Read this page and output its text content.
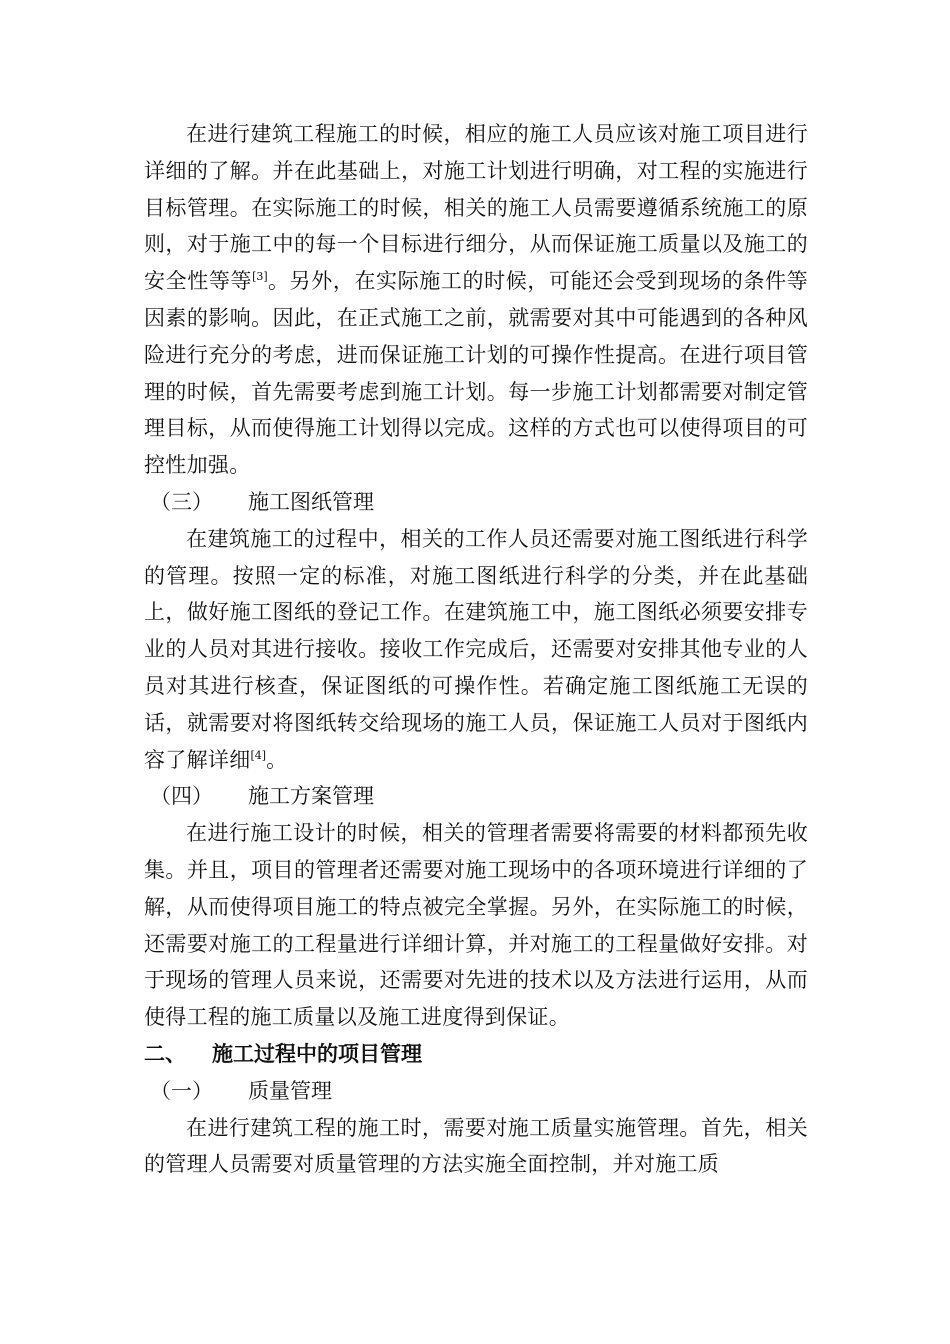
在进行建筑工程施工的时候，相应的施工人员应该对施工项目进行详细的了解。并在此基础上，对施工计划进行明确，对工程的实施进行目标管理。在实际施工的时候，相关的施工人员需要遵循系统施工的原则，对于施工中的每一个目标进行细分，从而保证施工质量以及施工的安全性等等[3]。另外，在实际施工的时候，可能还会受到现场的条件等因素的影响。因此，在正式施工之前，就需要对其中可能遇到的各种风险进行充分的考虑，进而保证施工计划的可操作性提高。在进行项目管理的时候，首先需要考虑到施工计划。每一步施工计划都需要对制定管理目标，从而使得施工计划得以完成。这样的方式也可以使得项目的可控性加强。

（三） 施工图纸管理

在建筑施工的过程中，相关的工作人员还需要对施工图纸进行科学的管理。按照一定的标准，对施工图纸进行科学的分类，并在此基础上，做好施工图纸的登记工作。在建筑施工中，施工图纸必须要安排专业的人员对其进行接收。接收工作完成后，还需要对安排其他专业的人员对其进行核查，保证图纸的可操作性。若确定施工图纸施工无误的话，就需要对将图纸转交给现场的施工人员，保证施工人员对于图纸内容了解详细[4]。

（四） 施工方案管理

在进行施工设计的时候，相关的管理者需要将需要的材料都预先收集。并且，项目的管理者还需要对施工现场中的各项环境进行详细的了解，从而使得项目施工的特点被完全掌握。另外，在实际施工的时候，还需要对施工的工程量进行详细计算，并对施工的工程量做好安排。对于现场的管理人员来说，还需要对先进的技术以及方法进行运用，从而使得工程的施工质量以及施工进度得到保证。

二、 施工过程中的项目管理
（一） 质量管理

在进行建筑工程的施工时，需要对施工质量实施管理。首先，相关的管理人员需要对质量管理的方法实施全面控制，并对施工质
